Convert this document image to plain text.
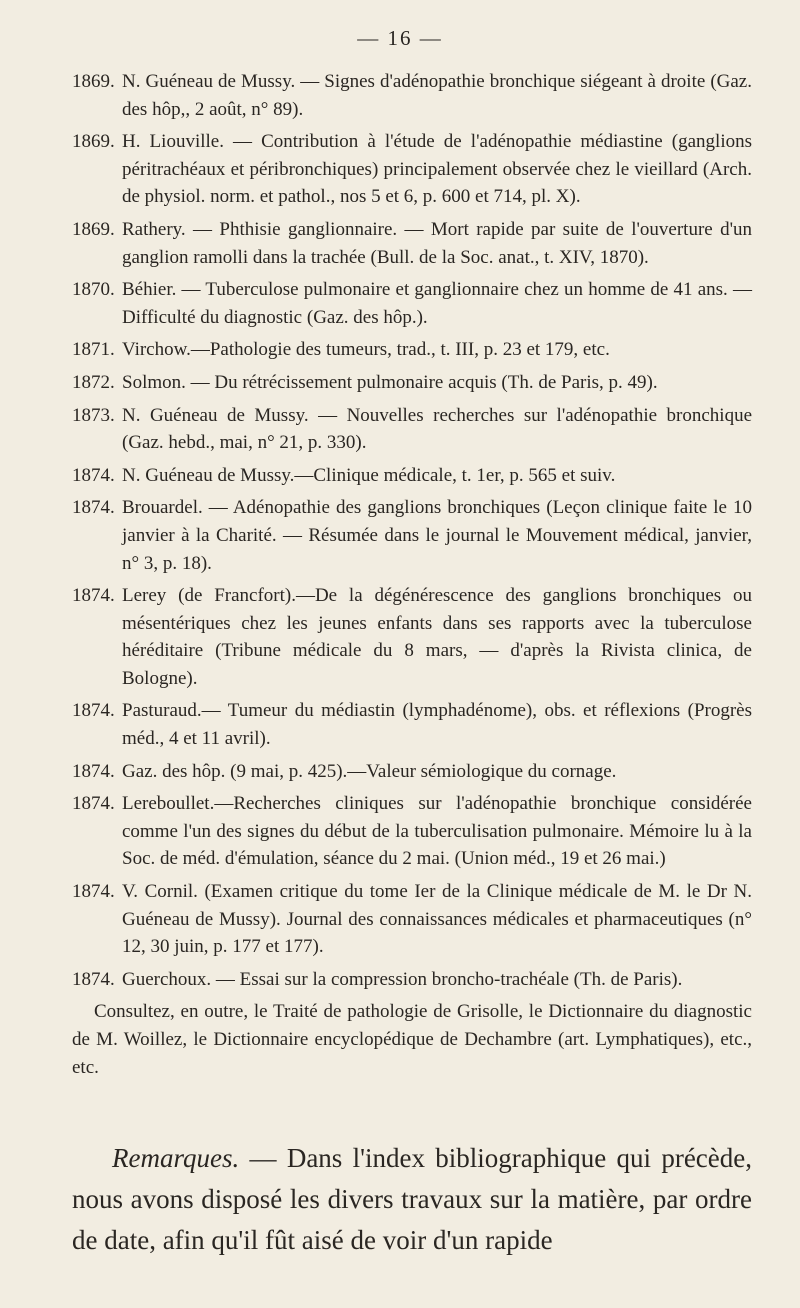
— 16 —
1869. N. Guéneau de Mussy. — Signes d'adénopathie bronchique siégeant à droite (Gaz. des hôp,, 2 août, n° 89).
1869. H. Liouville. — Contribution à l'étude de l'adénopathie médiastine (ganglions péritrachéaux et péribronchiques) principalement observée chez le vieillard (Arch. de physiol. norm. et pathol., nos 5 et 6, p. 600 et 714, pl. X).
1869. Rathery. — Phthisie ganglionnaire. — Mort rapide par suite de l'ouverture d'un ganglion ramolli dans la trachée (Bull. de la Soc. anat., t. XIV, 1870).
1870. Béhier. — Tuberculose pulmonaire et ganglionnaire chez un homme de 41 ans. — Difficulté du diagnostic (Gaz. des hôp.).
1871. Virchow.—Pathologie des tumeurs, trad., t. III, p. 23 et 179, etc.
1872. Solmon. — Du rétrécissement pulmonaire acquis (Th. de Paris, p. 49).
1873. N. Guéneau de Mussy. — Nouvelles recherches sur l'adénopathie bronchique (Gaz. hebd., mai, n° 21, p. 330).
1874. N. Guéneau de Mussy.—Clinique médicale, t. 1er, p. 565 et suiv.
1874. Brouardel. — Adénopathie des ganglions bronchiques (Leçon clinique faite le 10 janvier à la Charité. — Résumée dans le journal le Mouvement médical, janvier, n° 3, p. 18).
1874. Lerey (de Francfort).—De la dégénérescence des ganglions bronchiques ou mésentériques chez les jeunes enfants dans ses rapports avec la tuberculose héréditaire (Tribune médicale du 8 mars, — d'après la Rivista clinica, de Bologne).
1874. Pasturaud.— Tumeur du médiastin (lymphadénome), obs. et réflexions (Progrès méd., 4 et 11 avril).
1874. Gaz. des hôp. (9 mai, p. 425).—Valeur sémiologique du cornage.
1874. Lereboullet.—Recherches cliniques sur l'adénopathie bronchique considérée comme l'un des signes du début de la tuberculisation pulmonaire. Mémoire lu à la Soc. de méd. d'émulation, séance du 2 mai. (Union méd., 19 et 26 mai.)
1874. V. Cornil. (Examen critique du tome Ier de la Clinique médicale de M. le Dr N. Guéneau de Mussy). Journal des connaissances médicales et pharmaceutiques (n° 12, 30 juin, p. 177 et 177).
1874. Guerchoux. — Essai sur la compression broncho-trachéale (Th. de Paris).

Consultez, en outre, le Traité de pathologie de Grisolle, le Dictionnaire du diagnostic de M. Woillez, le Dictionnaire encyclopédique de Dechambre (art. Lymphatiques), etc., etc.

Remarques. — Dans l'index bibliographique qui précède, nous avons disposé les divers travaux sur la matière, par ordre de date, afin qu'il fût aisé de voir d'un rapide
